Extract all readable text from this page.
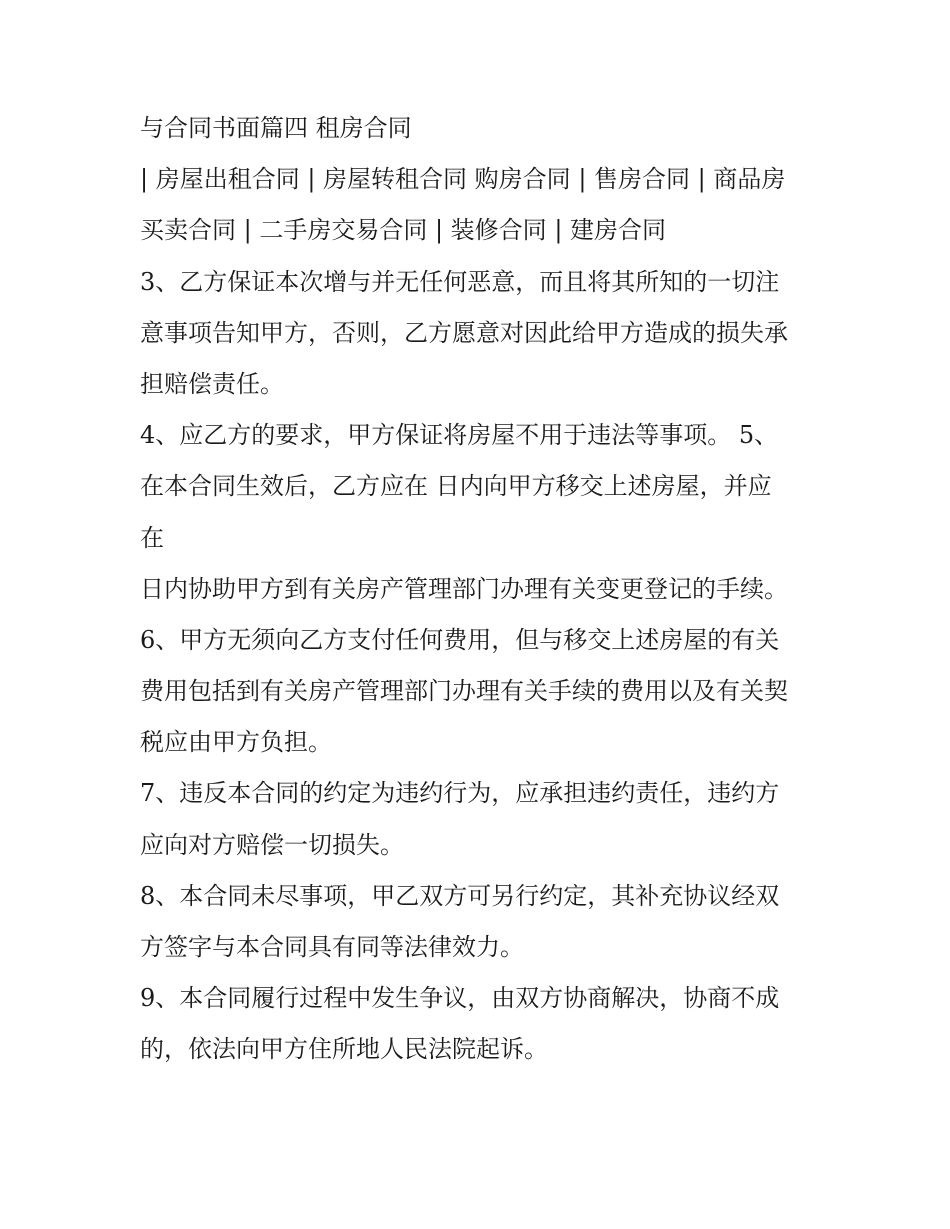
与合同书面篇四 租房合同
| 房屋出租合同 | 房屋转租合同 购房合同 | 售房合同 | 商品房
买卖合同 | 二手房交易合同 | 装修合同 | 建房合同
3、乙方保证本次增与并无任何恶意，而且将其所知的一切注
意事项告知甲方，否则，乙方愿意对因此给甲方造成的损失承
担赔偿责任。
4、应乙方的要求，甲方保证将房屋不用于违法等事项。 5、
在本合同生效后，乙方应在 日内向甲方移交上述房屋，并应
在
日内协助甲方到有关房产管理部门办理有关变更登记的手续。
6、甲方无须向乙方支付任何费用，但与移交上述房屋的有关
费用包括到有关房产管理部门办理有关手续的费用以及有关契
税应由甲方负担。
7、违反本合同的约定为违约行为，应承担违约责任，违约方
应向对方赔偿一切损失。
8、本合同未尽事项，甲乙双方可另行约定，其补充协议经双
方签字与本合同具有同等法律效力。
9、本合同履行过程中发生争议，由双方协商解决，协商不成
的，依法向甲方住所地人民法院起诉。
